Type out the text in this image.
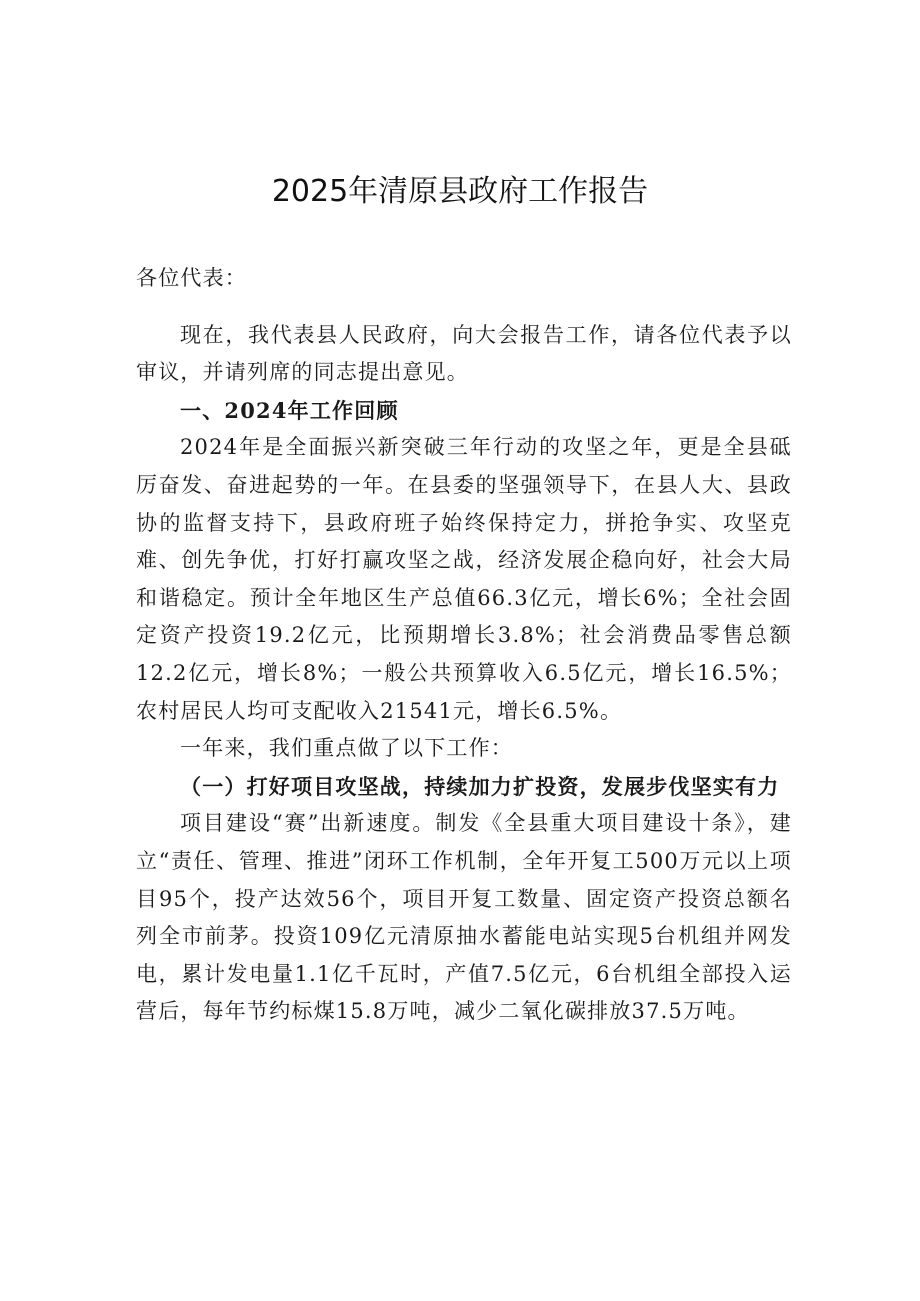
2025年清原县政府工作报告

各位代表：

现在，我代表县人民政府，向大会报告工作，请各位代表予以审议，并请列席的同志提出意见。

一、2024年工作回顾

2024年是全面振兴新突破三年行动的攻坚之年，更是全县砥厉奋发、奋进起势的一年。在县委的坚强领导下，在县人大、县政协的监督支持下，县政府班子始终保持定力，拼抢争实、攻坚克难、创先争优，打好打赢攻坚之战，经济发展企稳向好，社会大局和谐稳定。预计全年地区生产总值66.3亿元，增长6%；全社会固定资产投资19.2亿元，比预期增长3.8%；社会消费品零售总额12.2亿元，增长8%；一般公共预算收入6.5亿元，增长16.5%；农村居民人均可支配收入21541元，增长6.5%。

一年来，我们重点做了以下工作：

（一）打好项目攻坚战，持续加力扩投资，发展步伐坚实有力

项目建设“赛”出新速度。制发《全县重大项目建设十条》，建立“责任、管理、推进”闭环工作机制，全年开复工500万元以上项目95个，投产达效56个，项目开复工数量、固定资产投资总额名列全市前茅。投资109亿元清原抽水蓄能电站实现5台机组并网发电，累计发电量1.1亿千瓦时，产值7.5亿元，6台机组全部投入运营后，每年节约标煤15.8万吨，减少二氧化碳排放37.5万吨。
